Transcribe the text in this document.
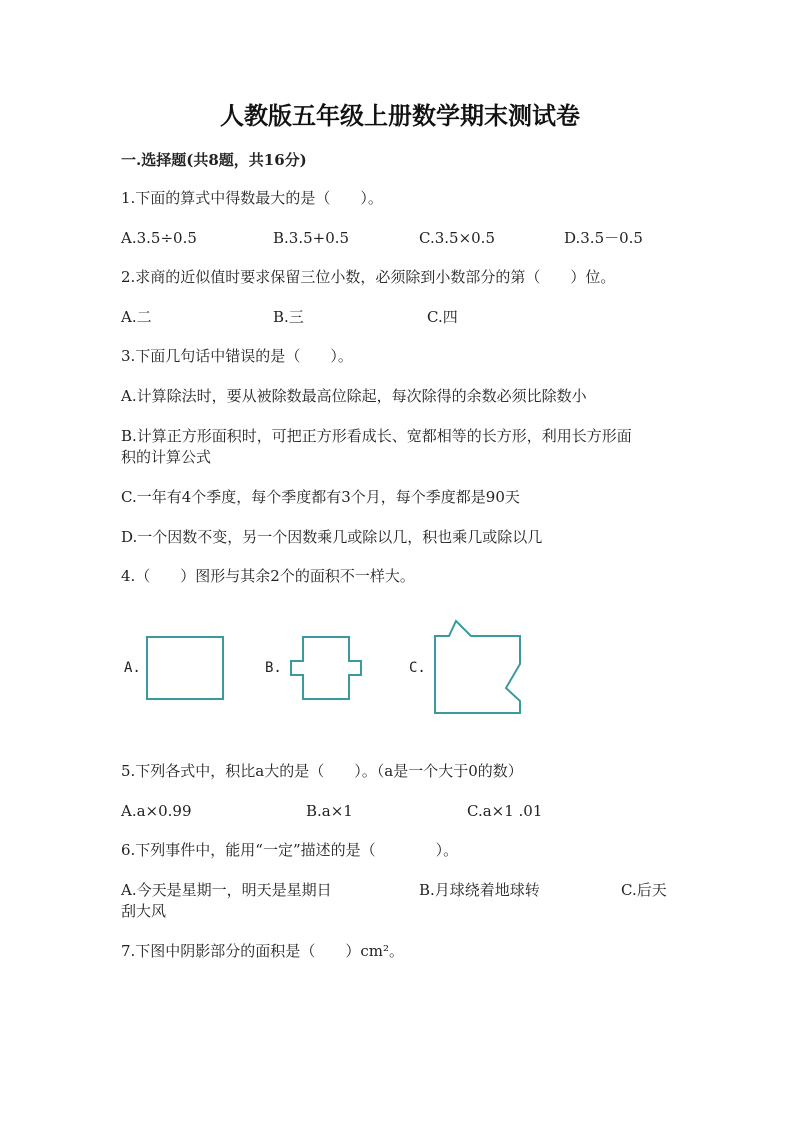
人教版五年级上册数学期末测试卷
一.选择题(共8题，共16分)
1.下面的算式中得数最大的是（　　）。
A.3.5÷0.5	B.3.5+0.5	C.3.5×0.5	D.3.5－0.5
2.求商的近似值时要求保留三位小数，必须除到小数部分的第（　　）位。
A.二	B.三	C.四
3.下面几句话中错误的是（　　）。
A.计算除法时，要从被除数最高位除起，每次除得的余数必须比除数小
B.计算正方形面积时，可把正方形看成长、宽都相等的长方形，利用长方形面
积的计算公式
C.一年有4个季度，每个季度都有3个月，每个季度都是90天
D.一个因数不变，另一个因数乘几或除以几，积也乘几或除以几
4.（　　）图形与其余2个的面积不一样大。
A.	B.	C.
5.下列各式中，积比a大的是（　　）。（a是一个大于0的数）
A.a×0.99	B.a×1	C.a×1 .01
6.下列事件中，能用“一定”描述的是（　　　　）。
A.今天是星期一，明天是星期日	B.月球绕着地球转	C.后天
刮大风
7.下图中阴影部分的面积是（　　）cm²。
